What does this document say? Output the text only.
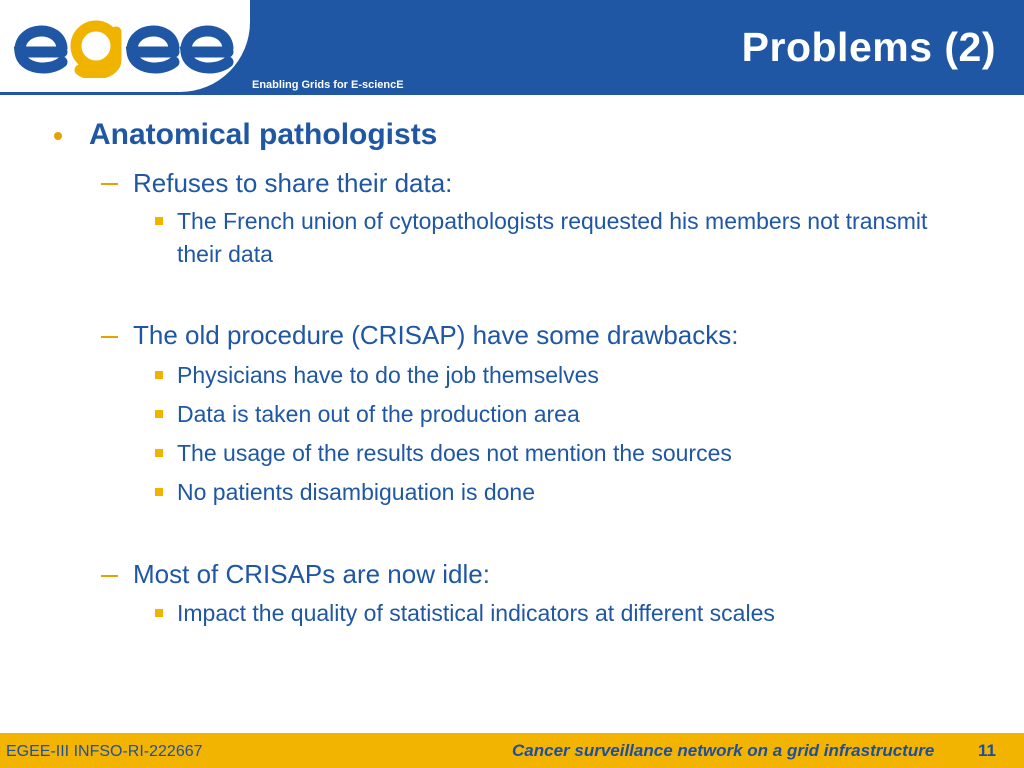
Enabling Grids for E-sciencE
Problems (2)
Anatomical pathologists
Refuses to share their data:
The French union of cytopathologists requested his members not transmit their data
The old procedure (CRISAP) have some drawbacks:
Physicians have to do the job themselves
Data is taken out of the production area
The usage of the results does not mention the sources
No patients disambiguation is done
Most of CRISAPs are now idle:
Impact the quality of statistical indicators at different scales
EGEE-III INFSO-RI-222667	Cancer surveillance network on a grid infrastructure	11
